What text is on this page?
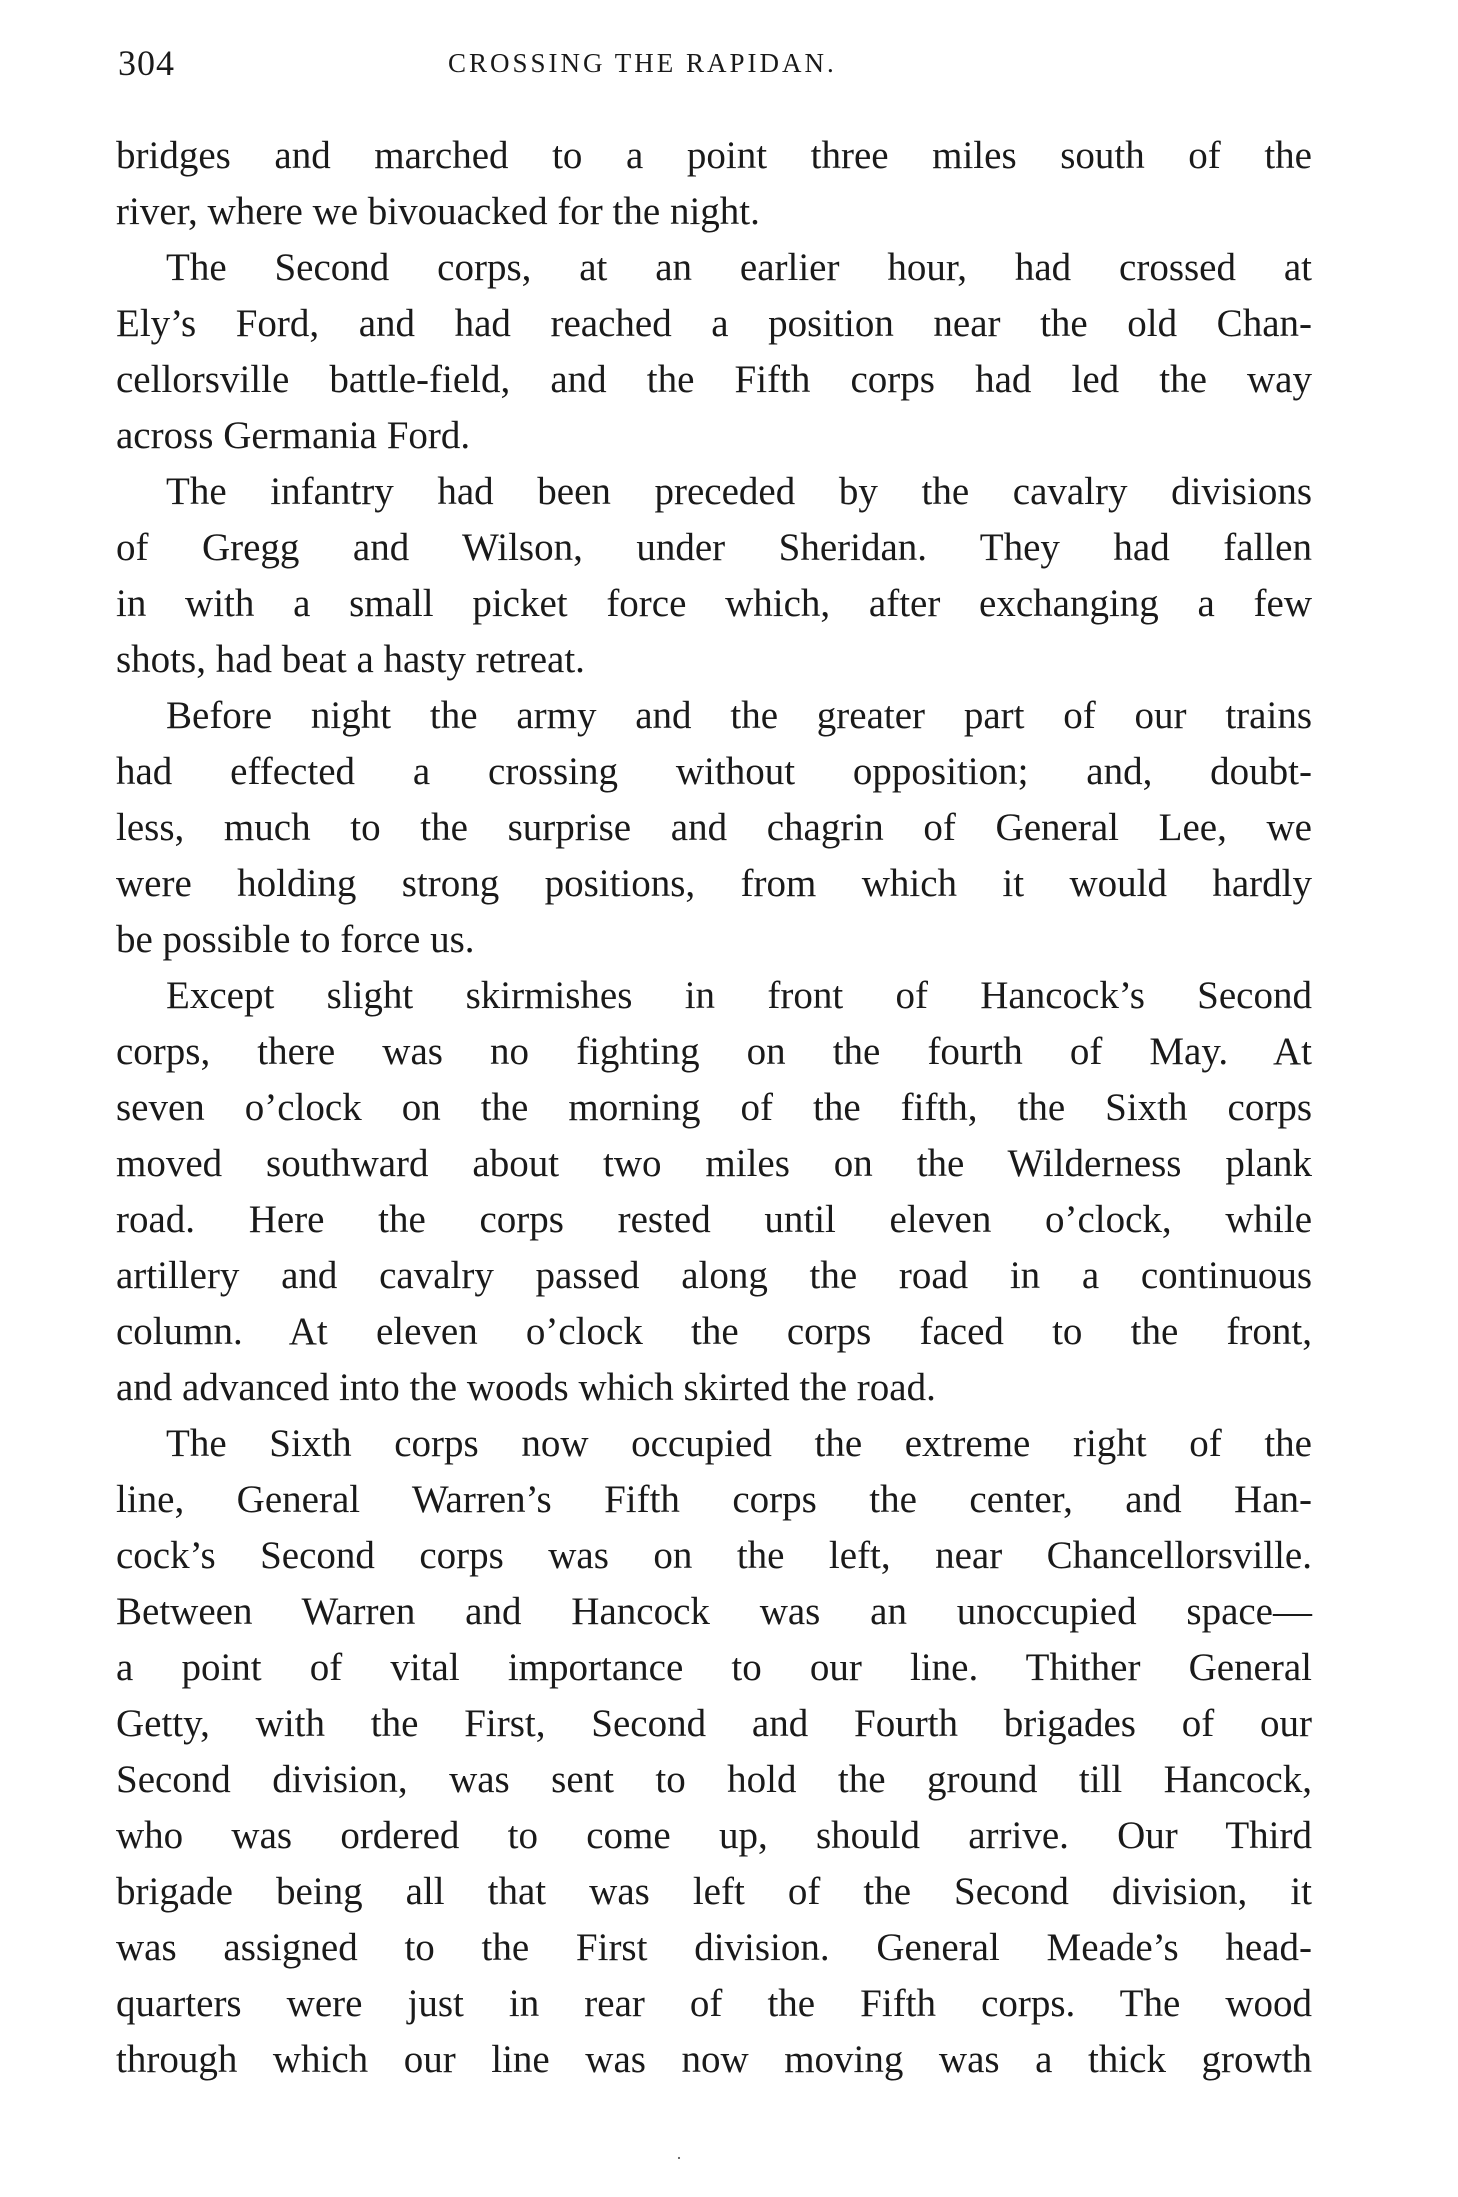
304	CROSSING THE RAPIDAN.
bridges and marched to a point three miles south of the
river, where we bivouacked for the night.
The Second corps, at an earlier hour, had crossed at
Ely’s Ford, and had reached a position near the old Chan-
cellorsville battle-field, and the Fifth corps had led the way
across Germania Ford.
The infantry had been preceded by the cavalry divisions
of Gregg and Wilson, under Sheridan. They had fallen
in with a small picket force which, after exchanging a few
shots, had beat a hasty retreat.
Before night the army and the greater part of our trains
had effected a crossing without opposition; and, doubt-
less, much to the surprise and chagrin of General Lee, we
were holding strong positions, from which it would hardly
be possible to force us.
Except slight skirmishes in front of Hancock’s Second
corps, there was no fighting on the fourth of May. At
seven o’clock on the morning of the fifth, the Sixth corps
moved southward about two miles on the Wilderness plank
road. Here the corps rested until eleven o’clock, while
artillery and cavalry passed along the road in a continuous
column. At eleven o’clock the corps faced to the front,
and advanced into the woods which skirted the road.
The Sixth corps now occupied the extreme right of the
line, General Warren’s Fifth corps the center, and Han-
cock’s Second corps was on the left, near Chancellorsville.
Between Warren and Hancock was an unoccupied space—
a point of vital importance to our line. Thither General
Getty, with the First, Second and Fourth brigades of our
Second division, was sent to hold the ground till Hancock,
who was ordered to come up, should arrive. Our Third
brigade being all that was left of the Second division, it
was assigned to the First division. General Meade’s head-
quarters were just in rear of the Fifth corps. The wood
through which our line was now moving was a thick growth
·
